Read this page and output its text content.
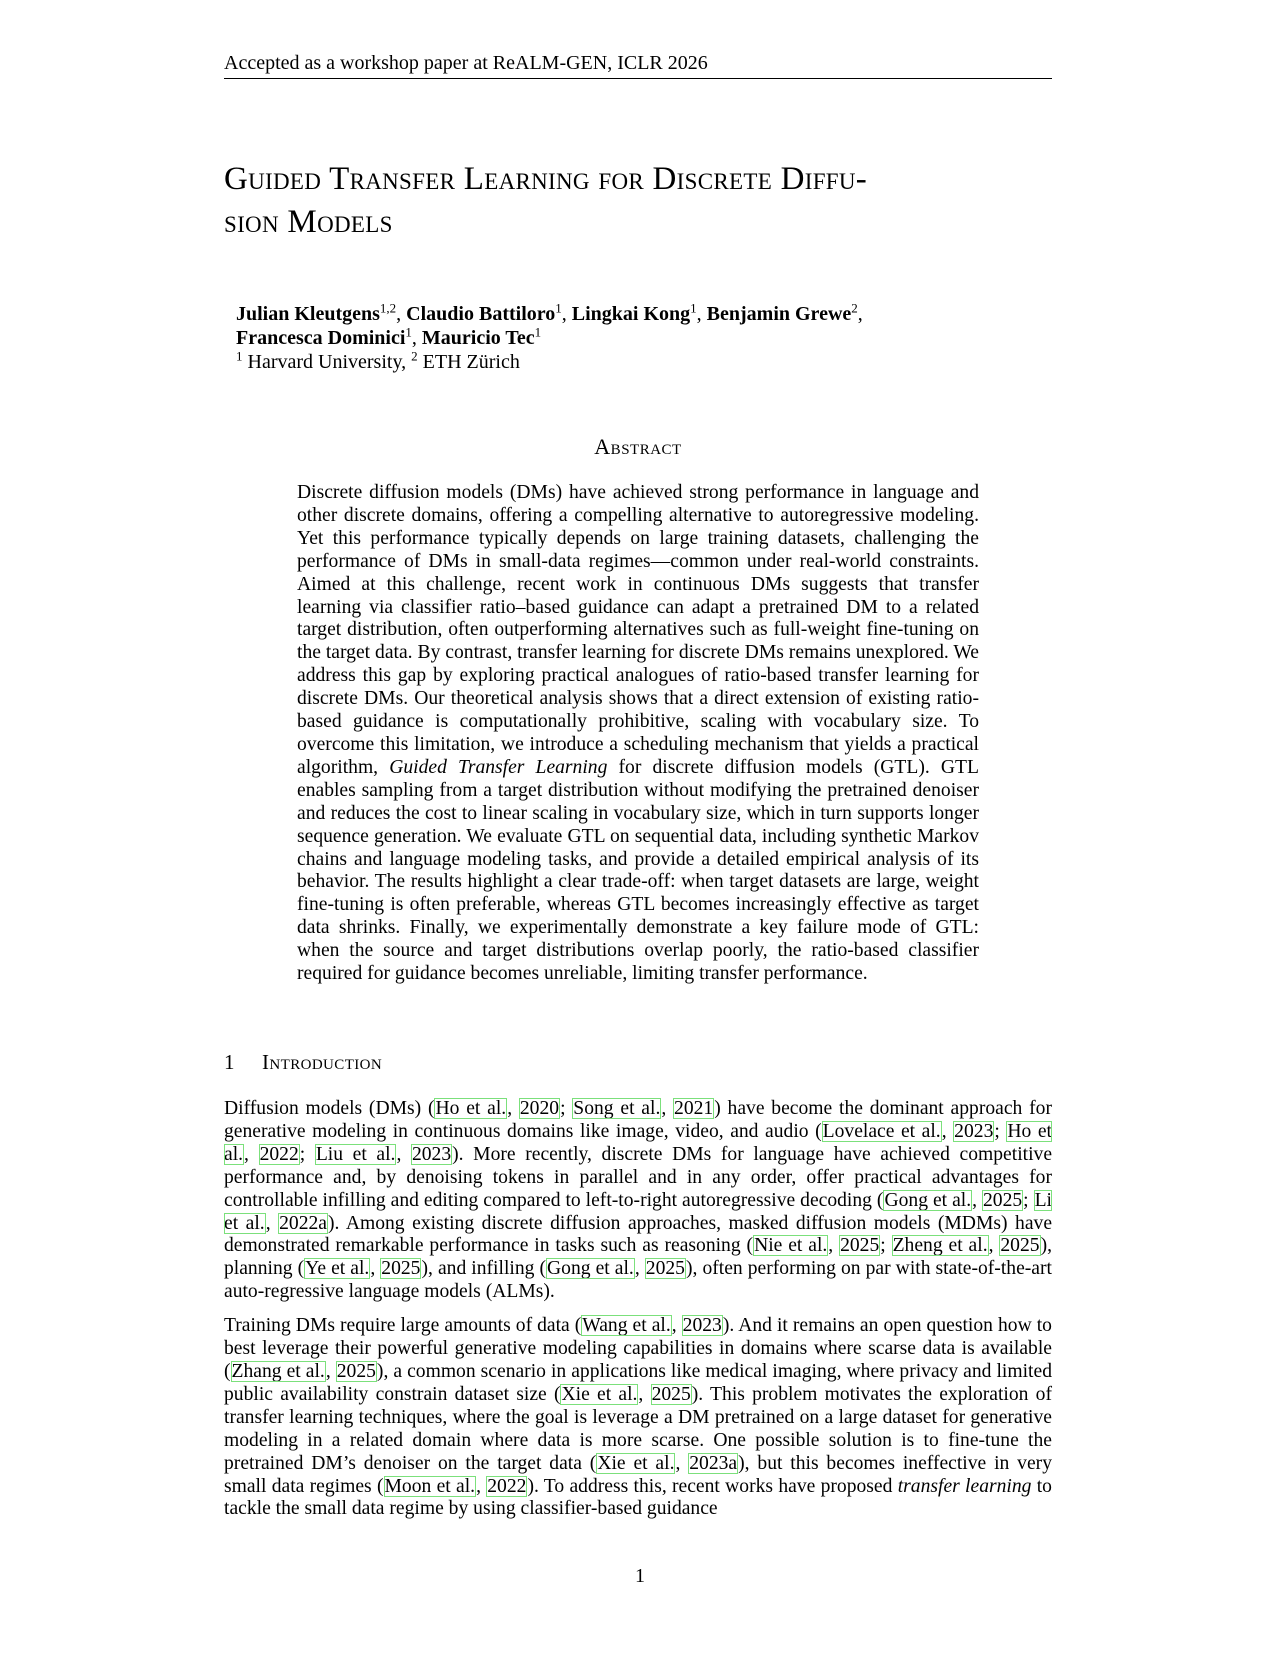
Accepted as a workshop paper at ReALM-GEN, ICLR 2026
Guided Transfer Learning for Discrete Diffu-
sion Models
Julian Kleutgens$^{1,2}$, Claudio Battiloro$^1$, Lingkai Kong$^1$, Benjamin Grewe$^2$,
Francesca Dominici$^1$, Mauricio Tec$^1$
$^1$ Harvard University, $^2$ ETH Zürich
Abstract
Discrete diffusion models (DMs) have achieved strong performance in language and other discrete domains, offering a compelling alternative to autoregressive modeling. Yet this performance typically depends on large training datasets, challenging the performance of DMs in small-data regimes—common under real-world constraints. Aimed at this challenge, recent work in continuous DMs suggests that transfer learning via classifier ratio–based guidance can adapt a pretrained DM to a related target distribution, often outperforming alternatives such as full-weight fine-tuning on the target data. By contrast, transfer learning for discrete DMs remains unexplored. We address this gap by exploring practical analogues of ratio-based transfer learning for discrete DMs. Our theoretical analysis shows that a direct extension of existing ratio-based guidance is computationally prohibitive, scaling with vocabulary size. To overcome this limitation, we introduce a scheduling mechanism that yields a practical algorithm, Guided Transfer Learning for discrete diffusion models (GTL). GTL enables sampling from a target distribution without modifying the pretrained denoiser and reduces the cost to linear scaling in vocabulary size, which in turn supports longer sequence generation. We evaluate GTL on sequential data, including synthetic Markov chains and language modeling tasks, and provide a detailed empirical analysis of its behavior. The results highlight a clear trade-off: when target datasets are large, weight fine-tuning is often preferable, whereas GTL becomes increasingly effective as target data shrinks. Finally, we experimentally demonstrate a key failure mode of GTL: when the source and target distributions overlap poorly, the ratio-based classifier required for guidance becomes unreliable, limiting transfer performance.
1 Introduction

Diffusion models (DMs) (Ho et al., 2020; Song et al., 2021) have become the dominant approach for generative modeling in continuous domains like image, video, and audio (Lovelace et al., 2023; Ho et al., 2022; Liu et al., 2023). More recently, discrete DMs for language have achieved competitive performance and, by denoising tokens in parallel and in any order, offer practical advantages for controllable infilling and editing compared to left-to-right autoregressive decoding (Gong et al., 2025; Li et al., 2022a). Among existing discrete diffusion approaches, masked diffusion models (MDMs) have demonstrated remarkable performance in tasks such as reasoning (Nie et al., 2025; Zheng et al., 2025), planning (Ye et al., 2025), and infilling (Gong et al., 2025), often performing on par with state-of-the-art auto-regressive language models (ALMs).

Training DMs require large amounts of data (Wang et al., 2023). And it remains an open question how to best leverage their powerful generative modeling capabilities in domains where scarse data is available (Zhang et al., 2025), a common scenario in applications like medical imaging, where privacy and limited public availability constrain dataset size (Xie et al., 2025). This problem motivates the exploration of transfer learning techniques, where the goal is leverage a DM pretrained on a large dataset for generative modeling in a related domain where data is more scarse. One possible solution is to fine-tune the pretrained DM’s denoiser on the target data (Xie et al., 2023a), but this becomes ineffective in very small data regimes (Moon et al., 2022). To address this, recent works have proposed transfer learning to tackle the small data regime by using classifier-based guidance

1
